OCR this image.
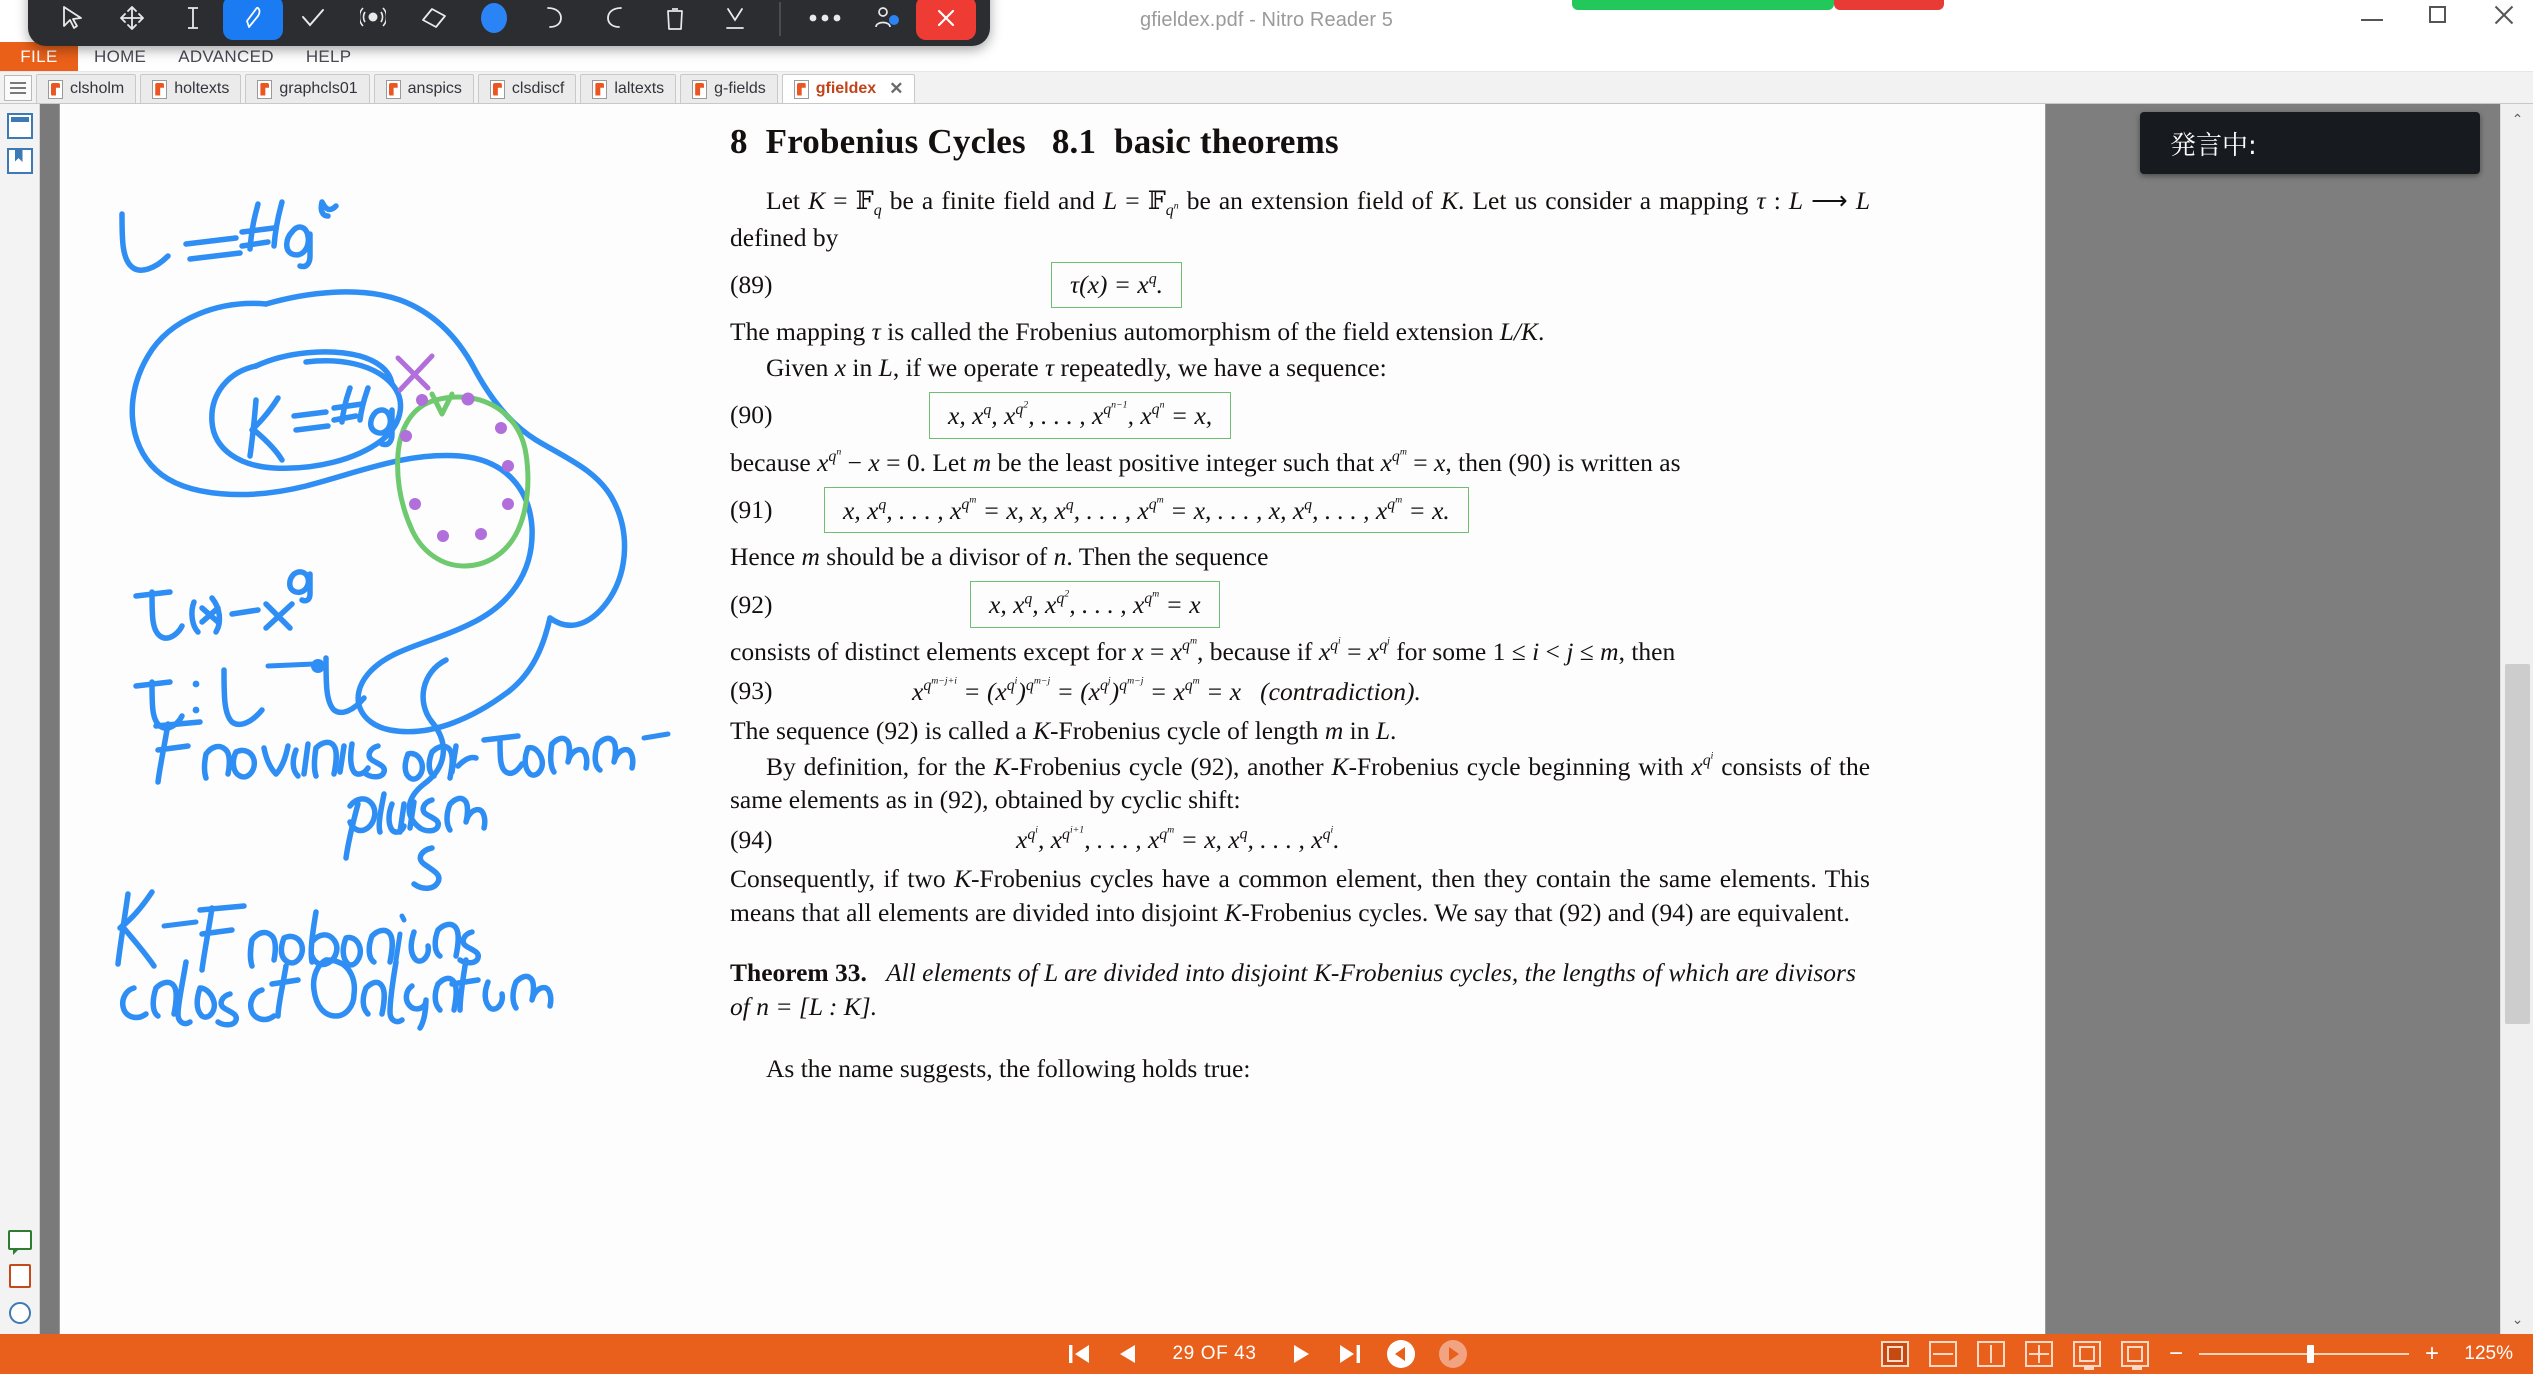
gfieldex.pdf - Nitro Reader 5
FILE	HOME	ADVANCED	HELP
clsholm	holtexts	graphcls01	anspics	clsdiscf	laltexts	g-fields	gfieldex ✕
8 Frobenius Cycles 8.1 basic theorems

Let K = 𝔽$_q$ be a finite field and L = 𝔽$_{q^n}$ be an extension field of K. Let us consider a mapping τ : L ⟶ L defined by

(89)	$\tau(x) = x^q$.

The mapping τ is called the Frobenius automorphism of the field extension L/K.

Given x in L, if we operate τ repeatedly, we have a sequence:

(90)	x, $x^q$, $x^{q^2}$, . . . , $x^{q^{n-1}}$, $x^{q^n} = x$,

because $x^{q^n} - x = 0$. Let m be the least positive integer such that $x^{q^m} = x$, then (90) is written as

(91)	x, $x^q$, . . . , $x^{q^m} = x$, x, $x^q$, . . . , $x^{q^m} = x$, . . . , x, $x^q$, . . . , $x^{q^m} = x$.

Hence m should be a divisor of n. Then the sequence

(92)	x, $x^q$, $x^{q^2}$, . . . , $x^{q^m} = x$

consists of distinct elements except for $x = x^{q^m}$, because if $x^{q^i} = x^{q^j}$ for some 1 ≤ i < j ≤ m, then

(93)	$x^{q^{m-j+i}} = (x^{q^i})^{q^{m-j}} = (x^{q^j})^{q^{m-j}} = x^{q^m} = x$   (contradiction).

The sequence (92) is called a K-Frobenius cycle of length m in L.

By definition, for the K-Frobenius cycle (92), another K-Frobenius cycle beginning with $x^{q^i}$ consists of the same elements as in (92), obtained by cyclic shift:

(94)	$x^{q^i}$, $x^{q^{i+1}}$, . . . , $x^{q^m} = x$, $x^q$, . . . , $x^{q^i}$.

Consequently, if two K-Frobenius cycles have a common element, then they contain the same elements. This means that all elements are divided into disjoint K-Frobenius cycles. We say that (92) and (94) are equivalent.

Theorem 33.   All elements of L are divided into disjoint K-Frobenius cycles, the lengths of which are divisors of n = [L : K].

As the name suggests, the following holds true:

⌃
⌄
発言中:
29 OF 43	−	+	125%
